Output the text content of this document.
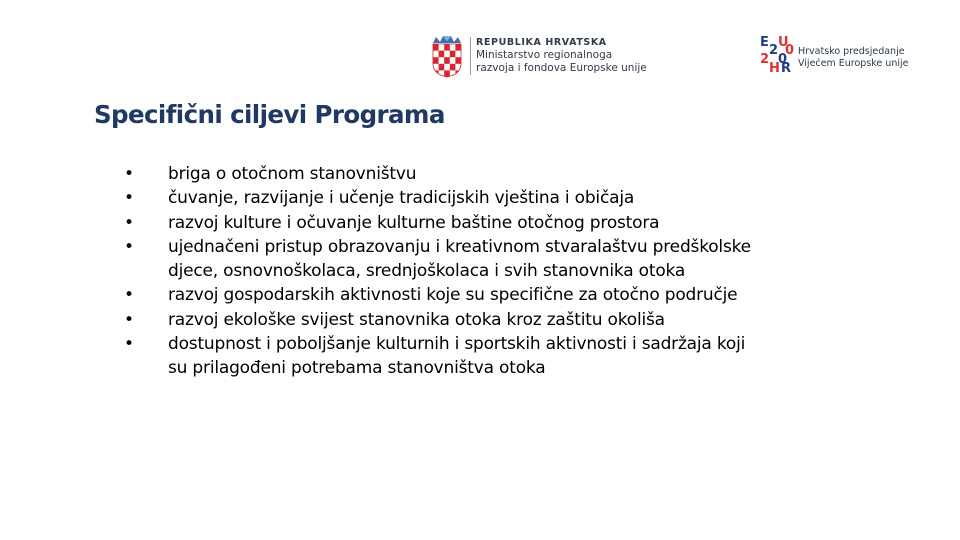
REPUBLIKA HRVATSKA
Ministarstvo regionalnoga
razvoja i fondova Europske unije
E U
2 0
2 0
H R
Hrvatsko predsjedanje
Vijećem Europske unije
Specifični ciljevi Programa
• briga o otočnom stanovništvu
• čuvanje, razvijanje i učenje tradicijskih vještina i običaja
• razvoj kulture i očuvanje kulturne baštine otočnog prostora
• ujednačeni pristup obrazovanju i kreativnom stvaralaštvu predškolske djece, osnovnoškolaca, srednjoškolaca i svih stanovnika otoka
• razvoj gospodarskih aktivnosti koje su specifične za otočno područje
• razvoj ekološke svijest stanovnika otoka kroz zaštitu okoliša
• dostupnost i poboljšanje kulturnih i sportskih aktivnosti i sadržaja koji su prilagođeni potrebama stanovništva otoka
